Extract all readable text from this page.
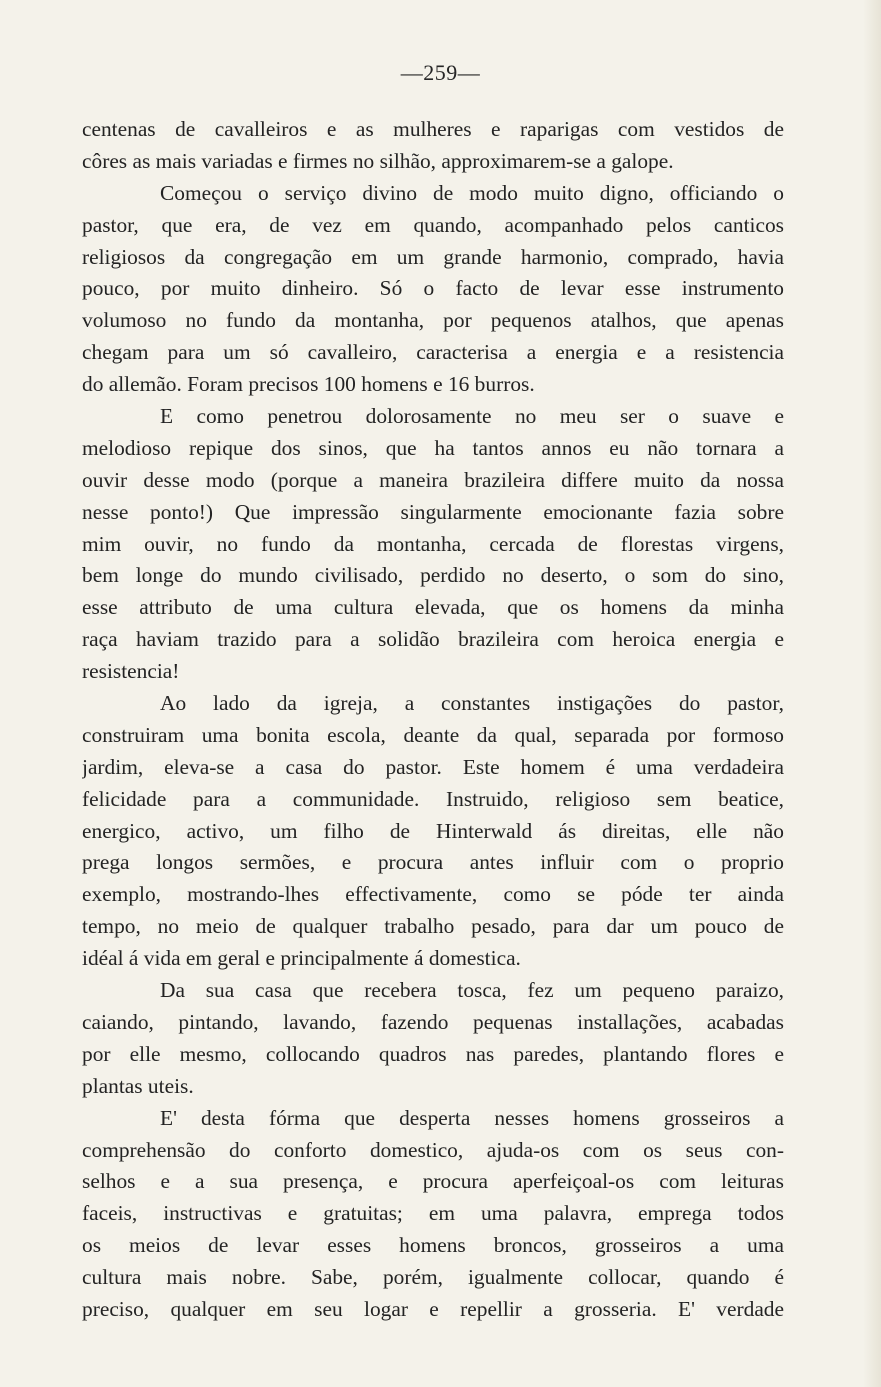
—259—
centenas de cavalleiros e as mulheres e raparigas com vestidos de
côres as mais variadas e firmes no silhão, approximarem-se a galope.
Começou o serviço divino de modo muito digno, officiando o
pastor, que era, de vez em quando, acompanhado pelos canticos
religiosos da congregação em um grande harmonio, comprado, havia
pouco, por muito dinheiro. Só o facto de levar esse instrumento
volumoso no fundo da montanha, por pequenos atalhos, que apenas
chegam para um só cavalleiro, caracterisa a energia e a resistencia
do allemão. Foram precisos 100 homens e 16 burros.
E como penetrou dolorosamente no meu ser o suave e
melodioso repique dos sinos, que ha tantos annos eu não tornara a
ouvir desse modo (porque a maneira brazileira differe muito da nossa
nesse ponto!) Que impressão singularmente emocionante fazia sobre
mim ouvir, no fundo da montanha, cercada de florestas virgens,
bem longe do mundo civilisado, perdido no deserto, o som do sino,
esse attributo de uma cultura elevada, que os homens da minha
raça haviam trazido para a solidão brazileira com heroica energia e
resistencia!
Ao lado da igreja, a constantes instigações do pastor,
construiram uma bonita escola, deante da qual, separada por formoso
jardim, eleva-se a casa do pastor. Este homem é uma verdadeira
felicidade para a communidade. Instruido, religioso sem beatice,
energico, activo, um filho de Hinterwald ás direitas, elle não
prega longos sermões, e procura antes influir com o proprio
exemplo, mostrando-lhes effectivamente, como se póde ter ainda
tempo, no meio de qualquer trabalho pesado, para dar um pouco de
idéal á vida em geral e principalmente á domestica.
Da sua casa que recebera tosca, fez um pequeno paraizo,
caiando, pintando, lavando, fazendo pequenas installações, acabadas
por elle mesmo, collocando quadros nas paredes, plantando flores e
plantas uteis.
E' desta fórma que desperta nesses homens grosseiros a
comprehensão do conforto domestico, ajuda-os com os seus con-
selhos e a sua presença, e procura aperfeiçoal-os com leituras
faceis, instructivas e gratuitas; em uma palavra, emprega todos
os meios de levar esses homens broncos, grosseiros a uma
cultura mais nobre. Sabe, porém, igualmente collocar, quando é
preciso, qualquer em seu logar e repellir a grosseria. E' verdade
